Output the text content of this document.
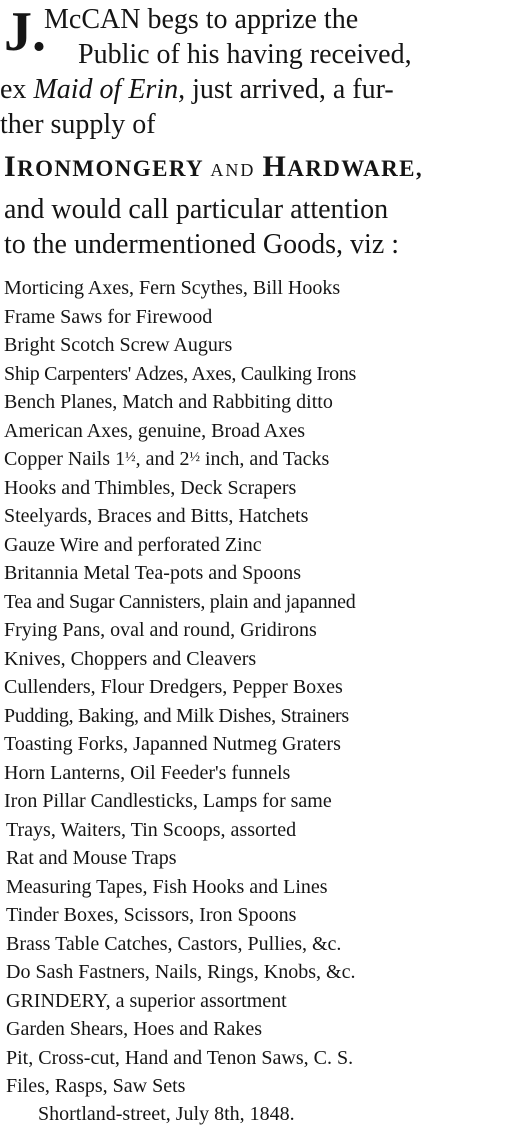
J.

McCAN begs to apprize the
Public of his having received,
ex Maid of Erin, just arrived, a fur-
ther supply of

IRONMONGERY AND HARDWARE,

and would call particular attention
to the undermentioned Goods, viz :

Morticing Axes, Fern Scythes, Bill Hooks
Frame Saws for Firewood
Bright Scotch Screw Augurs
Ship Carpenters' Adzes, Axes, Caulking Irons
Bench Planes, Match and Rabbiting ditto
American Axes, genuine, Broad Axes
Copper Nails $1^{\frac{1}{2}}$, and $2^{\frac{1}{2}}$ inch, and Tacks
Hooks and Thimbles, Deck Scrapers
Steelyards, Braces and Bitts, Hatchets
Gauze Wire and perforated Zinc
Britannia Metal Tea-pots and Spoons
Tea and Sugar Cannisters, plain and japanned
Frying Pans, oval and round, Gridirons
Knives, Choppers and Cleavers
Cullenders, Flour Dredgers, Pepper Boxes
Pudding, Baking, and Milk Dishes, Strainers
Toasting Forks, Japanned Nutmeg Graters
Horn Lanterns, Oil Feeder's funnels
Iron Pillar Candlesticks, Lamps for same
Trays, Waiters, Tin Scoops, assorted
Rat and Mouse Traps
Measuring Tapes, Fish Hooks and Lines
Tinder Boxes, Scissors, Iron Spoons
Brass Table Catches, Castors, Pullies, &c.
Do Sash Fastners, Nails, Rings, Knobs, &c.
GRINDERY, a superior assortment
Garden Shears, Hoes and Rakes
Pit, Cross-cut, Hand and Tenon Saws, C. S.
Files, Rasps, Saw Sets

Shortland-street, July 8th, 1848.
